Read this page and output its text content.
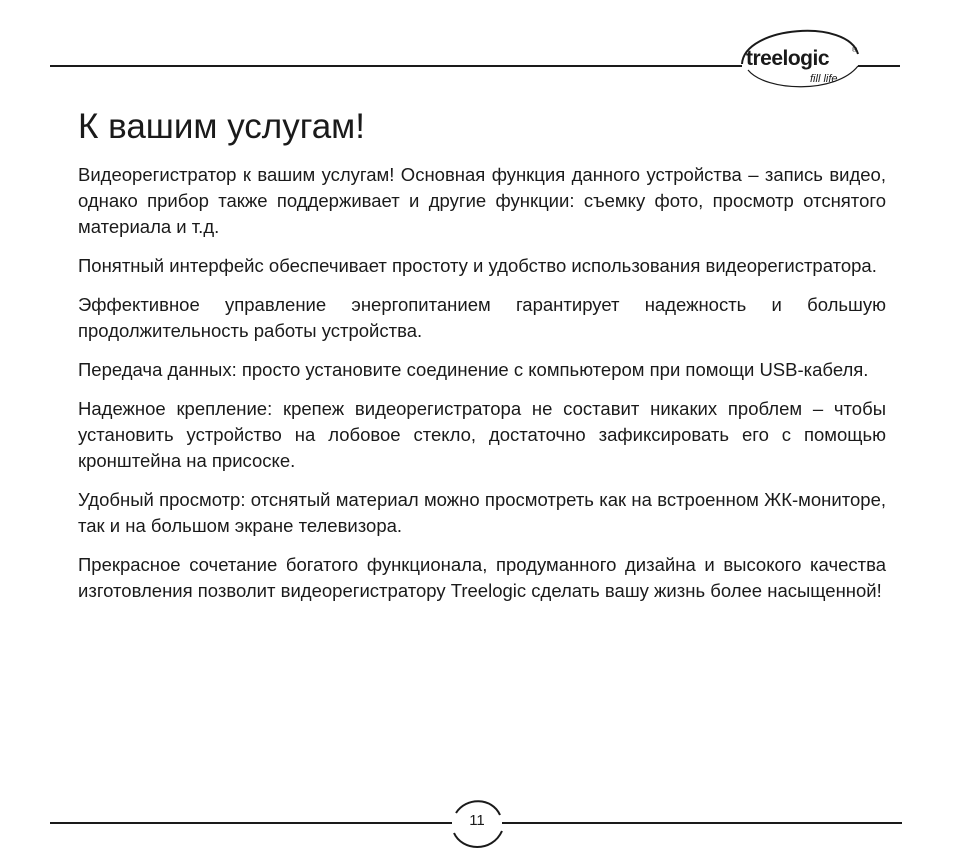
treelogic	®
fill life
К вашим услугам!

Видеорегистратор к вашим услугам! Основная функция данного устройства – запись видео, однако прибор также поддерживает и другие функции: съемку фото, просмотр отснятого материала и т.д.

Понятный интерфейс обеспечивает простоту и удобство использования видеорегистратора.

Эффективное управление энергопитанием гарантирует надежность и большую продолжительность работы устройства.

Передача данных: просто установите соединение с компьютером при помощи USB-кабеля.

Надежное крепление: крепеж видеорегистратора не составит никаких проблем – чтобы установить устройство на лобовое стекло, достаточно зафиксировать его с помощью кронштейна на присоске.

Удобный просмотр: отснятый материал можно просмотреть как на встроенном ЖК-мониторе, так и на большом экране телевизора.

Прекрасное сочетание богатого функционала, продуманного дизайна и высокого качества изготовления позволит видеорегистратору Treelogic сделать вашу жизнь более насыщенной!

11
